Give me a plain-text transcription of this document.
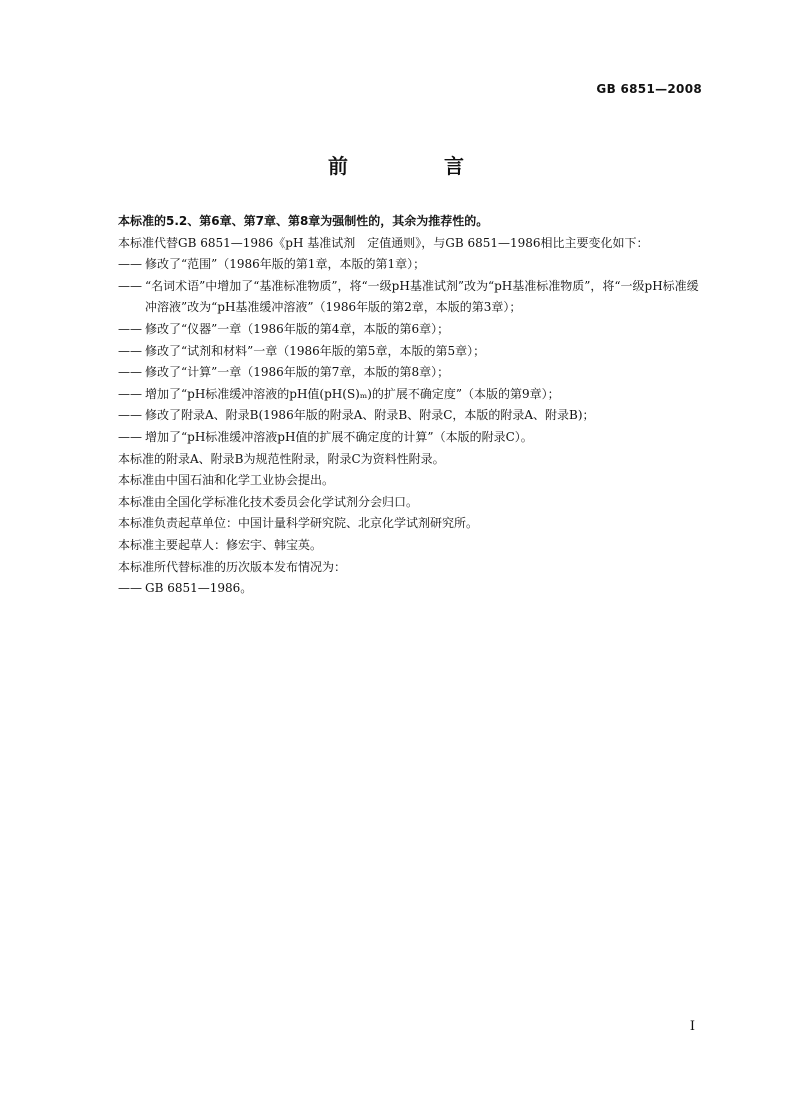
GB 6851—2008
前　言
本标准的5.2、第6章、第7章、第8章为强制性的，其余为推荐性的。
本标准代替GB 6851—1986《pH 基准试剂　定值通则》，与GB 6851—1986相比主要变化如下：
—— 修改了“范围”（1986年版的第1章，本版的第1章）；
—— “名词术语”中增加了“基准标准物质”，将“一级pH基准试剂”改为“pH基准标准物质”，将“一级pH标准缓冲溶液”改为“pH基准缓冲溶液”（1986年版的第2章，本版的第3章）；
—— 修改了“仪器”一章（1986年版的第4章，本版的第6章）；
—— 修改了“试剂和材料”一章（1986年版的第5章，本版的第5章）；
—— 修改了“计算”一章（1986年版的第7章，本版的第8章）；
—— 增加了“pH标准缓冲溶液的pH值(pH(S)ₘ)的扩展不确定度”（本版的第9章）；
—— 修改了附录A、附录B(1986年版的附录A、附录B、附录C，本版的附录A、附录B)；
—— 增加了“pH标准缓冲溶液pH值的扩展不确定度的计算”（本版的附录C）。
本标准的附录A、附录B为规范性附录，附录C为资料性附录。
本标准由中国石油和化学工业协会提出。
本标准由全国化学标准化技术委员会化学试剂分会归口。
本标准负责起草单位：中国计量科学研究院、北京化学试剂研究所。
本标准主要起草人：修宏宇、韩宝英。
本标准所代替标准的历次版本发布情况为：
—— GB 6851—1986。
I
